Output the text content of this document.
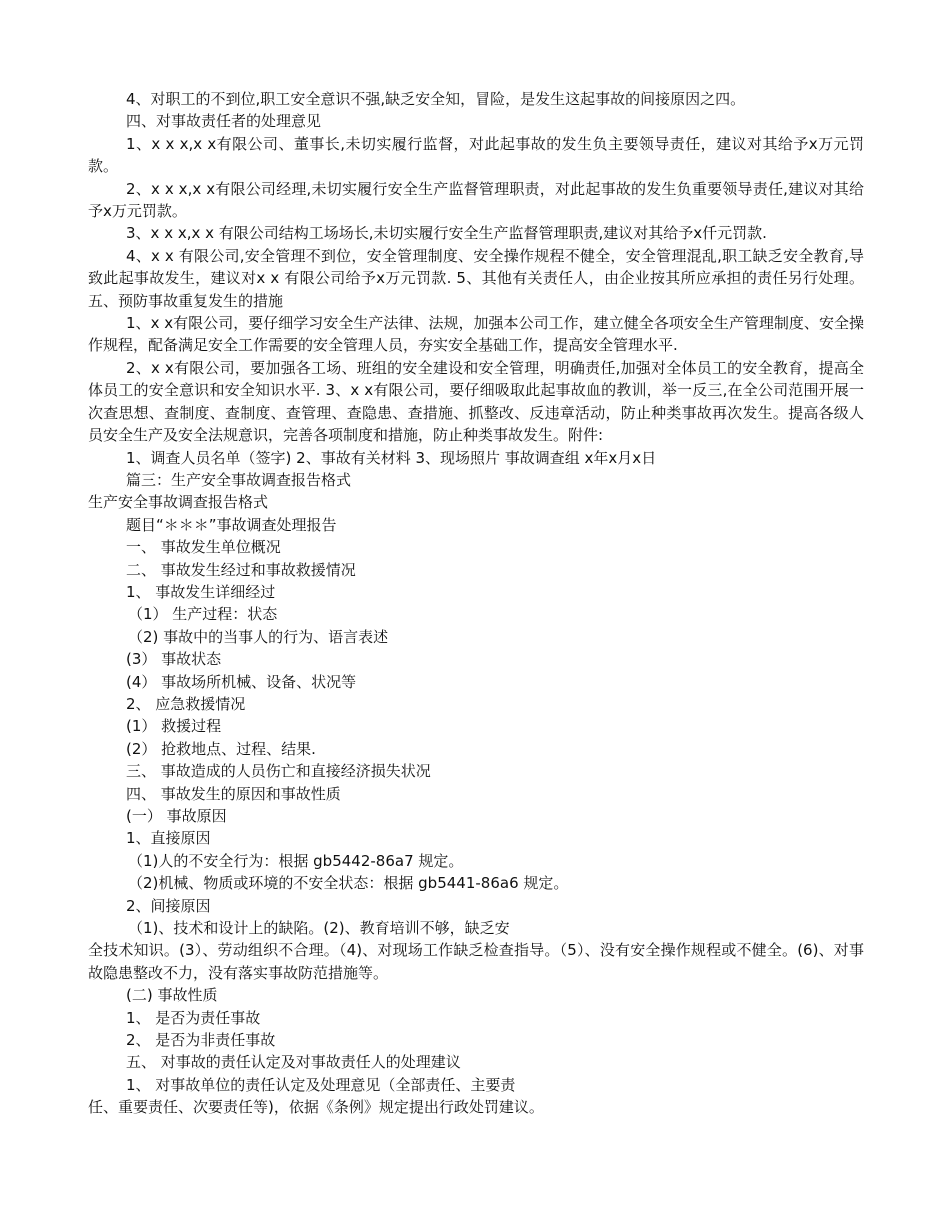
4、对职工的不到位,职工安全意识不强,缺乏安全知，冒险，是发生这起事故的间接原因之四。

四、对事故责任者的处理意见

1、x x x,x x有限公司、董事长,未切实履行监督，对此起事故的发生负主要领导责任，建议对其给予x万元罚款。

2、x x x,x x有限公司经理,未切实履行安全生产监督管理职责，对此起事故的发生负重要领导责任,建议对其给予x万元罚款。

3、x x x,x x 有限公司结构工场场长,未切实履行安全生产监督管理职责,建议对其给予x仟元罚款.

4、x x 有限公司,安全管理不到位，安全管理制度、安全操作规程不健全，安全管理混乱,职工缺乏安全教育,导致此起事故发生，建议对x x 有限公司给予x万元罚款. 5、其他有关责任人，由企业按其所应承担的责任另行处理。 五、预防事故重复发生的措施

1、x x有限公司，要仔细学习安全生产法律、法规，加强本公司工作，建立健全各项安全生产管理制度、安全操作规程，配备满足安全工作需要的安全管理人员，夯实安全基础工作，提高安全管理水平.

2、x x有限公司，要加强各工场、班组的安全建设和安全管理，明确责任,加强对全体员工的安全教育，提高全体员工的安全意识和安全知识水平. 3、x x有限公司，要仔细吸取此起事故血的教训，举一反三,在全公司范围开展一次查思想、查制度、查制度、查管理、查隐患、查措施、抓整改、反违章活动，防止种类事故再次发生。提高各级人员安全生产及安全法规意识，完善各项制度和措施，防止种类事故发生。附件:

1、调查人员名单（签字) 2、事故有关材料 3、现场照片 事故调查组 x年x月x日

篇三：生产安全事故调查报告格式

生产安全事故调查报告格式

题目“＊＊＊”事故调查处理报告

一、 事故发生单位概况

二、 事故发生经过和事故救援情况

1、 事故发生详细经过

（1） 生产过程：状态

（2) 事故中的当事人的行为、语言表述

(3） 事故状态

(4） 事故场所机械、设备、状况等

2、 应急救援情况

(1） 救援过程

(2） 抢救地点、过程、结果.

三、 事故造成的人员伤亡和直接经济损失状况

四、 事故发生的原因和事故性质

(一） 事故原因

1、直接原因

（1)人的不安全行为：根据 gb5442-86a7 规定。

（2)机械、物质或环境的不安全状态：根据 gb5441-86a6 规定。

2、间接原因

（1)、技术和设计上的缺陷。(2)、教育培训不够，缺乏安

全技术知识。(3）、劳动组织不合理。（4)、对现场工作缺乏检查指导。（5）、没有安全操作规程或不健全。(6)、对事故隐患整改不力，没有落实事故防范措施等。

(二) 事故性质

1、 是否为责任事故

2、 是否为非责任事故

五、 对事故的责任认定及对事故责任人的处理建议

1、 对事故单位的责任认定及处理意见（全部责任、主要责

任、重要责任、次要责任等)，依据《条例》规定提出行政处罚建议。
